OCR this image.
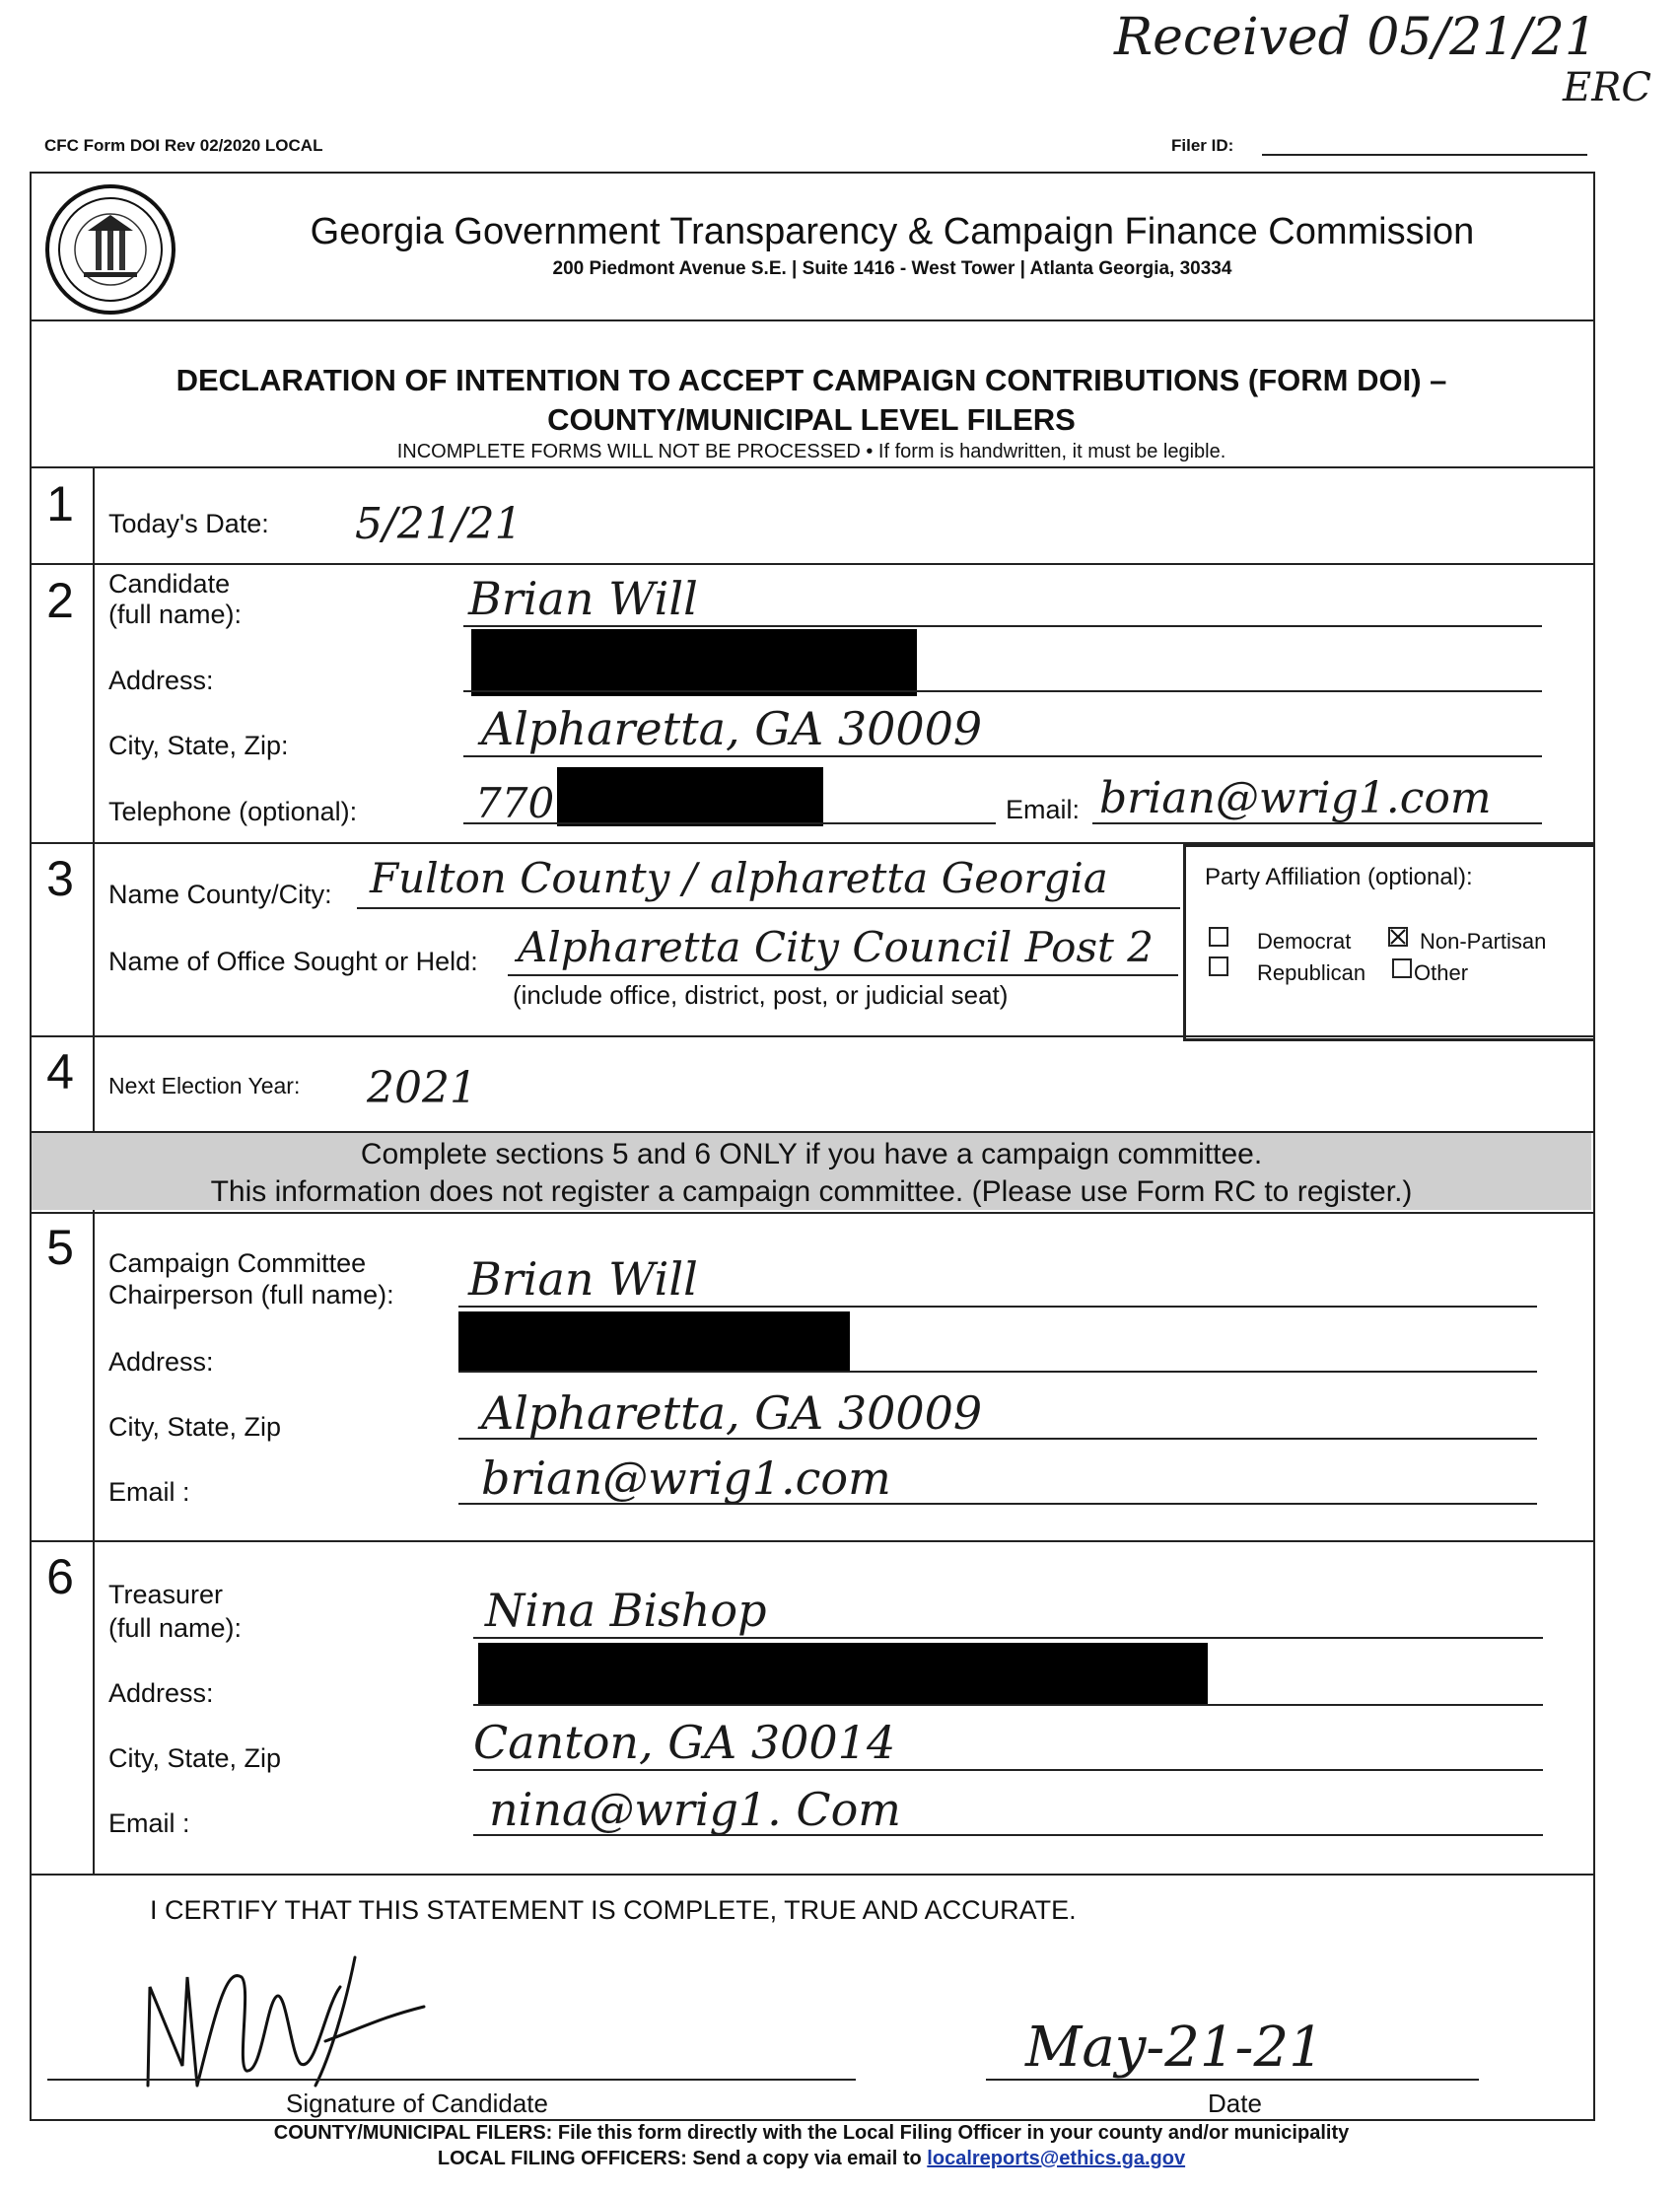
Received 05/21/21
ERC
CFC Form DOI Rev 02/2020 LOCAL	Filer ID:
Georgia Government Transparency & Campaign Finance Commission
200 Piedmont Avenue S.E. | Suite 1416 - West Tower | Atlanta Georgia, 30334
DECLARATION OF INTENTION TO ACCEPT CAMPAIGN CONTRIBUTIONS (FORM DOI) –
COUNTY/MUNICIPAL LEVEL FILERS
INCOMPLETE FORMS WILL NOT BE PROCESSED • If form is handwritten, it must be legible.
1	Today's Date: 5/21/21
2	Candidate
(full name):	Brian Will
Address:
City, State, Zip:	Alpharetta, GA 30009
Telephone (optional):	770	Email: brian@wrig1.com
3	Name County/City: Fulton County / alpharetta Georgia
Name of Office Sought or Held: Alpharetta City Council Post 2
(include office, district, post, or judicial seat)
Party Affiliation (optional):
Democrat
Republican
Non-Partisan
Other
4	Next Election Year: 2021
Complete sections 5 and 6 ONLY if you have a campaign committee.
This information does not register a campaign committee. (Please use Form RC to register.)
5	Campaign Committee
Chairperson (full name): Brian Will
Address:
City, State, Zip	Alpharetta, GA 30009
Email :	brian@wrig1.com
6	Treasurer
(full name):	Nina Bishop
Address:
City, State, Zip	Canton, GA 30014
Email :	nina@wrig1. Com
I CERTIFY THAT THIS STATEMENT IS COMPLETE, TRUE AND ACCURATE.
Signature of Candidate
May-21-21
Date
COUNTY/MUNICIPAL FILERS: File this form directly with the Local Filing Officer in your county and/or municipality
LOCAL FILING OFFICERS: Send a copy via email to localreports@ethics.ga.gov
